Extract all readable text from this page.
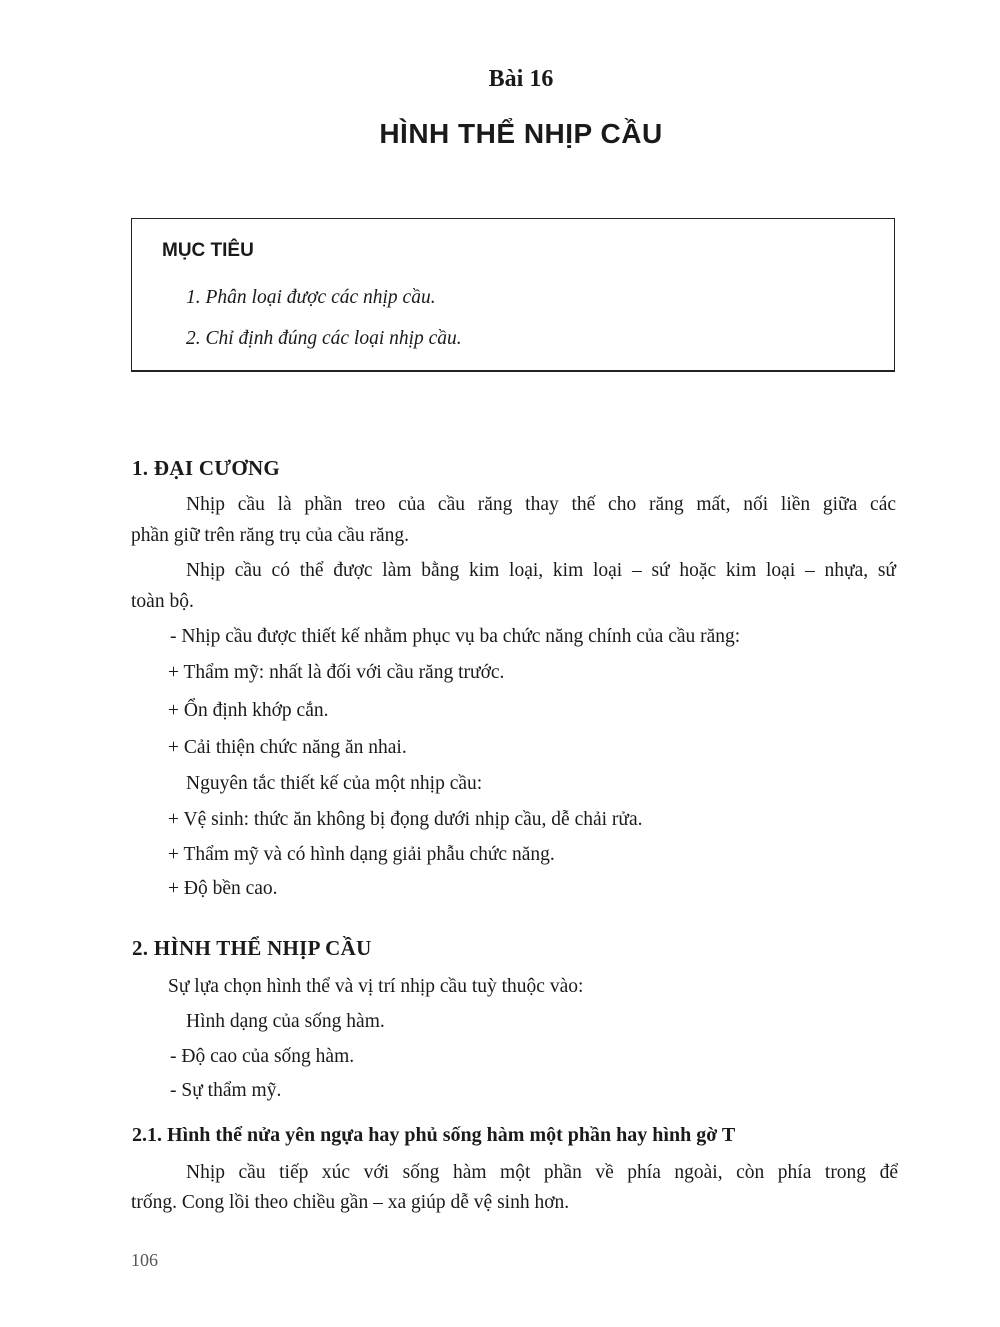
Bài 16
HÌNH THỂ NHỊP CẦU
MỤC TIÊU
1. Phân loại được các nhịp cầu.
2. Chỉ định đúng các loại nhịp cầu.
1. ĐẠI CƯƠNG
Nhịp cầu là phần treo của cầu răng thay thế cho răng mất, nối liền giữa các
phần giữ trên răng trụ của cầu răng.
Nhịp cầu có thể được làm bằng kim loại, kim loại – sứ hoặc kim loại – nhựa, sứ
toàn bộ.
- Nhịp cầu được thiết kế nhằm phục vụ ba chức năng chính của cầu răng:
+ Thẩm mỹ: nhất là đối với cầu răng trước.
+ Ổn định khớp cắn.
+ Cải thiện chức năng ăn nhai.
Nguyên tắc thiết kế của một nhịp cầu:
+ Vệ sinh: thức ăn không bị đọng dưới nhịp cầu, dễ chải rửa.
+ Thẩm mỹ và có hình dạng giải phẫu chức năng.
+ Độ bền cao.
2. HÌNH THỂ NHỊP CẦU
Sự lựa chọn hình thể và vị trí nhịp cầu tuỳ thuộc vào:
Hình dạng của sống hàm.
- Độ cao của sống hàm.
- Sự thẩm mỹ.
2.1. Hình thể nửa yên ngựa hay phủ sống hàm một phần hay hình gờ T
Nhịp cầu tiếp xúc với sống hàm một phần về phía ngoài, còn phía trong để
trống. Cong lồi theo chiều gần – xa giúp dễ vệ sinh hơn.
106
